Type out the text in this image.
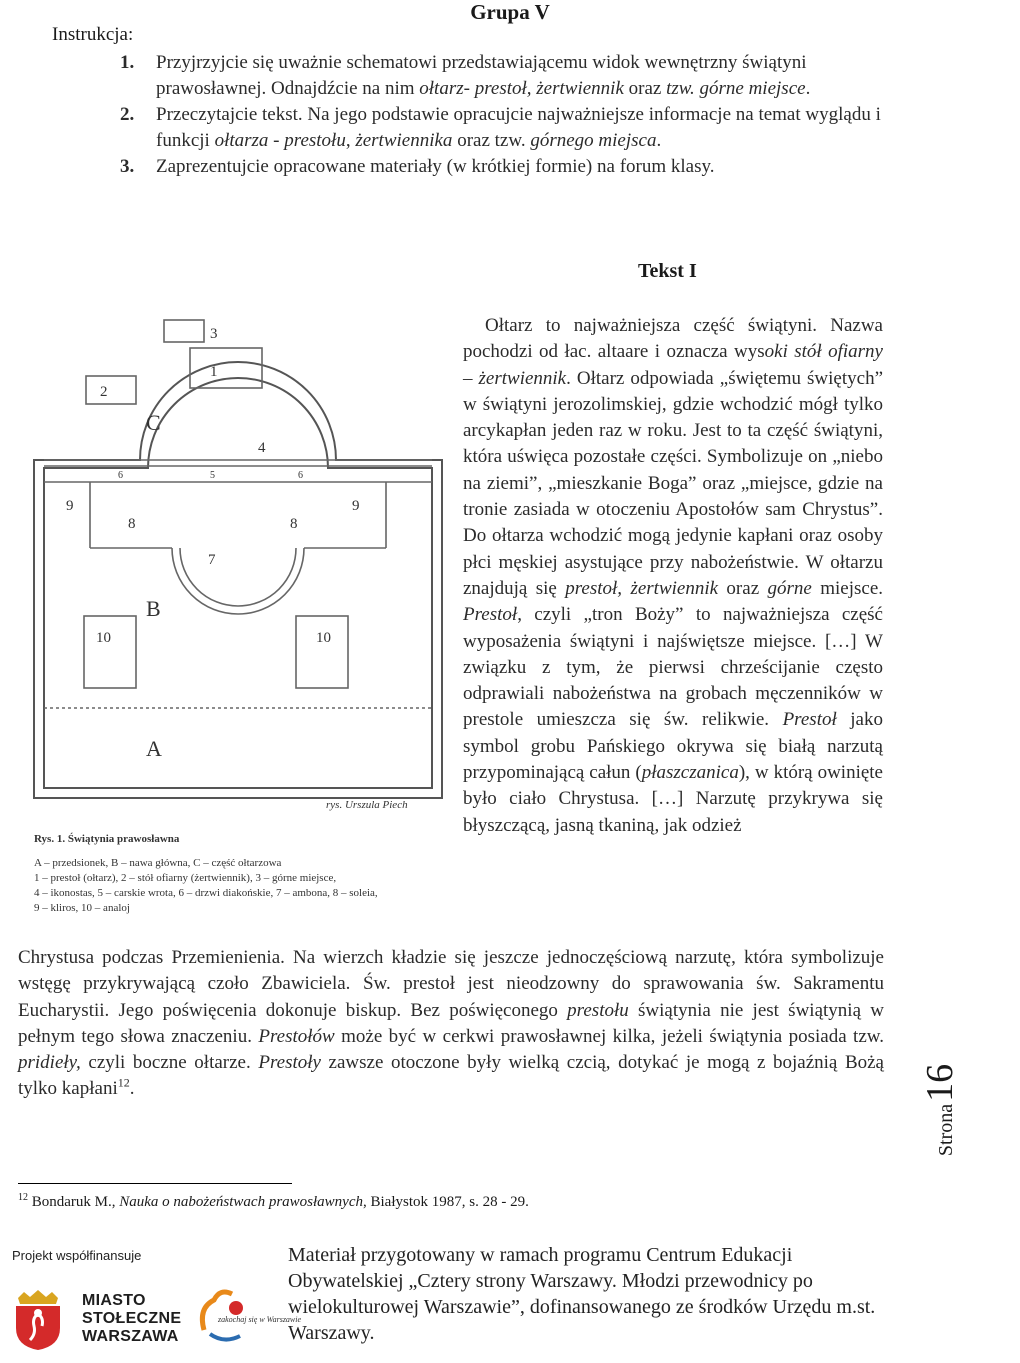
Grupa V
Instrukcja:
1. Przyjrzyjcie się uważnie schematowi przedstawiającemu widok wewnętrzny świątyni prawosławnej. Odnajdźcie na nim ołtarz- prestoł, żertwiennik oraz tzw. górne miejsce.
2. Przeczytajcie tekst. Na jego podstawie opracujcie najważniejsze informacje na temat wyglądu i funkcji ołtarza - prestołu, żertwiennika oraz tzw. górnego miejsca.
3. Zaprezentujcie opracowane materiały (w krótkiej formie) na forum klasy.
Tekst I
3
1
2
C
4
6	5	6
9	9
8	8
7
B
10	10
A
rys. Urszula Piech
Rys. 1. Świątynia prawosławna
A – przedsionek, B – nawa główna, C – część ołtarzowa
1 – prestoł (ołtarz), 2 – stół ofiarny (żertwiennik), 3 – górne miejsce,
4 – ikonostas, 5 – carskie wrota, 6 – drzwi diakońskie, 7 – ambona, 8 – soleia,
9 – kliros, 10 – analoj

Ołtarz to najważniejsza część świątyni. Nazwa pochodzi od łac. altaare i oznacza wysoki stół ofiarny – żertwiennik. Ołtarz odpowiada „świętemu świętych” w świątyni jerozolimskiej, gdzie wchodzić mógł tylko arcykapłan jeden raz w roku. Jest to ta część świątyni, która uświęca pozostałe części. Symbolizuje on „niebo na ziemi”, „mieszkanie Boga” oraz „miejsce, gdzie na tronie zasiada w otoczeniu Apostołów sam Chrystus”. Do ołtarza wchodzić mogą jedynie kapłani oraz osoby płci męskiej asystujące przy nabożeństwie. W ołtarzu znajdują się prestoł, żertwiennik oraz górne miejsce. Prestoł, czyli „tron Boży” to najważniejsza część wyposażenia świątyni i najświętsze miejsce. […] W związku z tym, że pierwsi chrześcijanie często odprawiali nabożeństwa na grobach męczenników w prestole umieszcza się św. relikwie. Prestoł jako symbol grobu Pańskiego okrywa się białą narzutą przypominającą całun (płaszczanica), w którą owinięte było ciało Chrystusa. […] Narzutę przykrywa się błyszczącą, jasną tkaniną, jak odzież

Chrystusa podczas Przemienienia. Na wierzch kładzie się jeszcze jednoczęściową narzutę, która symbolizuje wstęgę przykrywającą czoło Zbawiciela. Św. prestoł jest nieodzowny do sprawowania św. Sakramentu Eucharystii. Jego poświęcenia dokonuje biskup. Bez poświęconego prestołu świątynia nie jest świątynią w pełnym tego słowa znaczeniu. Prestołów może być w cerkwi prawosławnej kilka, jeżeli świątynia posiada tzw. pridieły, czyli boczne ołtarze. Prestoły zawsze otoczone były wielką czcią, dotykać je mogą z bojaźnią Bożą tylko kapłani$^{12}$.

$^{12}$ Bondaruk M., Nauka o nabożeństwach prawosławnych, Białystok 1987, s. 28 - 29.
Strona16
Projekt współfinansuje
MIASTO
STOŁECZNE
WARSZAWA
zakochaj się w Warszawie
Materiał przygotowany w ramach programu Centrum Edukacji Obywatelskiej „Cztery strony Warszawy. Młodzi przewodnicy po wielokulturowej Warszawie”, dofinansowanego ze środków Urzędu m.st. Warszawy.
